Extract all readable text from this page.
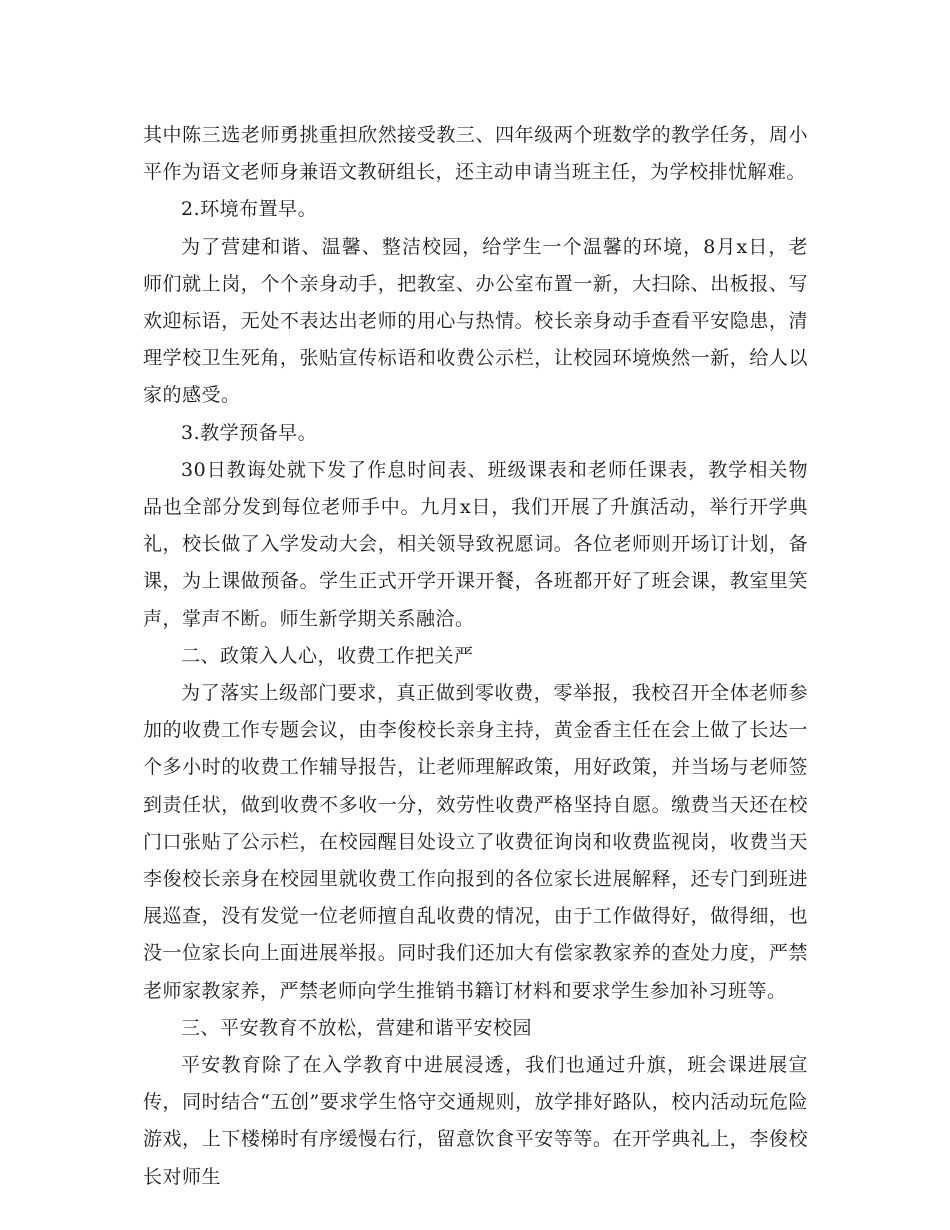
其中陈三选老师勇挑重担欣然接受教三、四年级两个班数学的教学任务，周小平作为语文老师身兼语文教研组长，还主动申请当班主任，为学校排忧解难。

2.环境布置早。

为了营建和谐、温馨、整洁校园，给学生一个温馨的环境，8月x日，老师们就上岗，个个亲身动手，把教室、办公室布置一新，大扫除、出板报、写欢迎标语，无处不表达出老师的用心与热情。校长亲身动手查看平安隐患，清理学校卫生死角，张贴宣传标语和收费公示栏，让校园环境焕然一新，给人以家的感受。

3.教学预备早。

30日教诲处就下发了作息时间表、班级课表和老师任课表，教学相关物品也全部分发到每位老师手中。九月x日，我们开展了升旗活动，举行开学典礼，校长做了入学发动大会，相关领导致祝愿词。各位老师则开场订计划，备课，为上课做预备。学生正式开学开课开餐，各班都开好了班会课，教室里笑声，掌声不断。师生新学期关系融洽。

二、政策入人心，收费工作把关严

为了落实上级部门要求，真正做到零收费，零举报，我校召开全体老师参加的收费工作专题会议，由李俊校长亲身主持，黄金香主任在会上做了长达一个多小时的收费工作辅导报告，让老师理解政策，用好政策，并当场与老师签到责任状，做到收费不多收一分，效劳性收费严格坚持自愿。缴费当天还在校门口张贴了公示栏，在校园醒目处设立了收费征询岗和收费监视岗，收费当天李俊校长亲身在校园里就收费工作向报到的各位家长进展解释，还专门到班进展巡查，没有发觉一位老师擅自乱收费的情况，由于工作做得好，做得细，也没一位家长向上面进展举报。同时我们还加大有偿家教家养的查处力度，严禁老师家教家养，严禁老师向学生推销书籍订材料和要求学生参加补习班等。

三、平安教育不放松，营建和谐平安校园

平安教育除了在入学教育中进展浸透，我们也通过升旗，班会课进展宣传，同时结合“五创”要求学生恪守交通规则，放学排好路队，校内活动玩危险游戏，上下楼梯时有序缓慢右行，留意饮食平安等等。在开学典礼上，李俊校长对师生
